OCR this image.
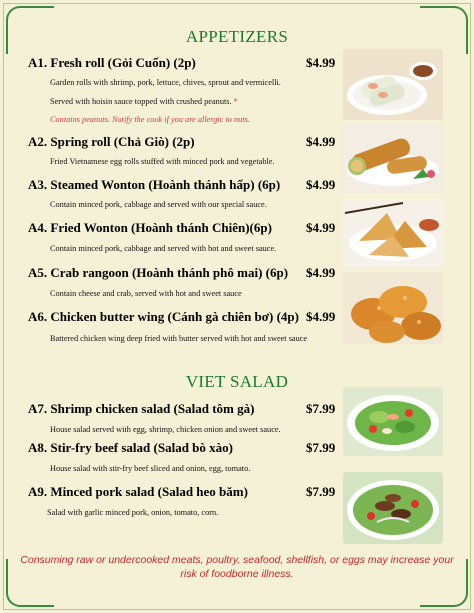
APPETIZERS
A1. Fresh roll (Gỏi Cuốn) (2p)	$4.99
Garden rolls with shrimp, pork, lettuce, chives, sprout and vermicelli.
Served with hoisin sauce topped with crushed peanuts. *
Contains peanuts. Notify the cook if you are allergic to nuts.
A2. Spring roll (Chả Giò) (2p)	$4.99
Fried Vietnamese egg rolls stuffed with minced pork and vegetable.
A3. Steamed Wonton (Hoành thánh hấp) (6p) $4.99
Contain minced pork, cabbage and served with our special sauce.
A4. Fried Wonton (Hoành thánh Chiên)(6p)	$4.99
Contain minced pork, cabbage and served with hot and sweet sauce.
A5. Crab rangoon (Hoành thánh phô mai) (6p) $4.99
Contain cheese and crab, served with hot and sweet sauce
A6. Chicken butter wing (Cánh gà chiên bơ) (4p) $4.99
Battered chicken wing deep fried with butter served with hot and sweet sauce
VIET SALAD
A7. Shrimp chicken salad (Salad tôm gà)	$7.99
House salad served with egg, shrimp, chicken onion and sweet sauce.
A8. Stir-fry beef salad (Salad bò xào)	$7.99
House salad with stir-fry beef sliced and onion, egg, tomato.
A9. Minced pork salad (Salad heo băm)	$7.99
Salad with garlic minced pork, onion, tomato, corn.
Consuming raw or undercooked meats, poultry, seafood, shellfish, or eggs may increase your
risk of foodborne illness.
